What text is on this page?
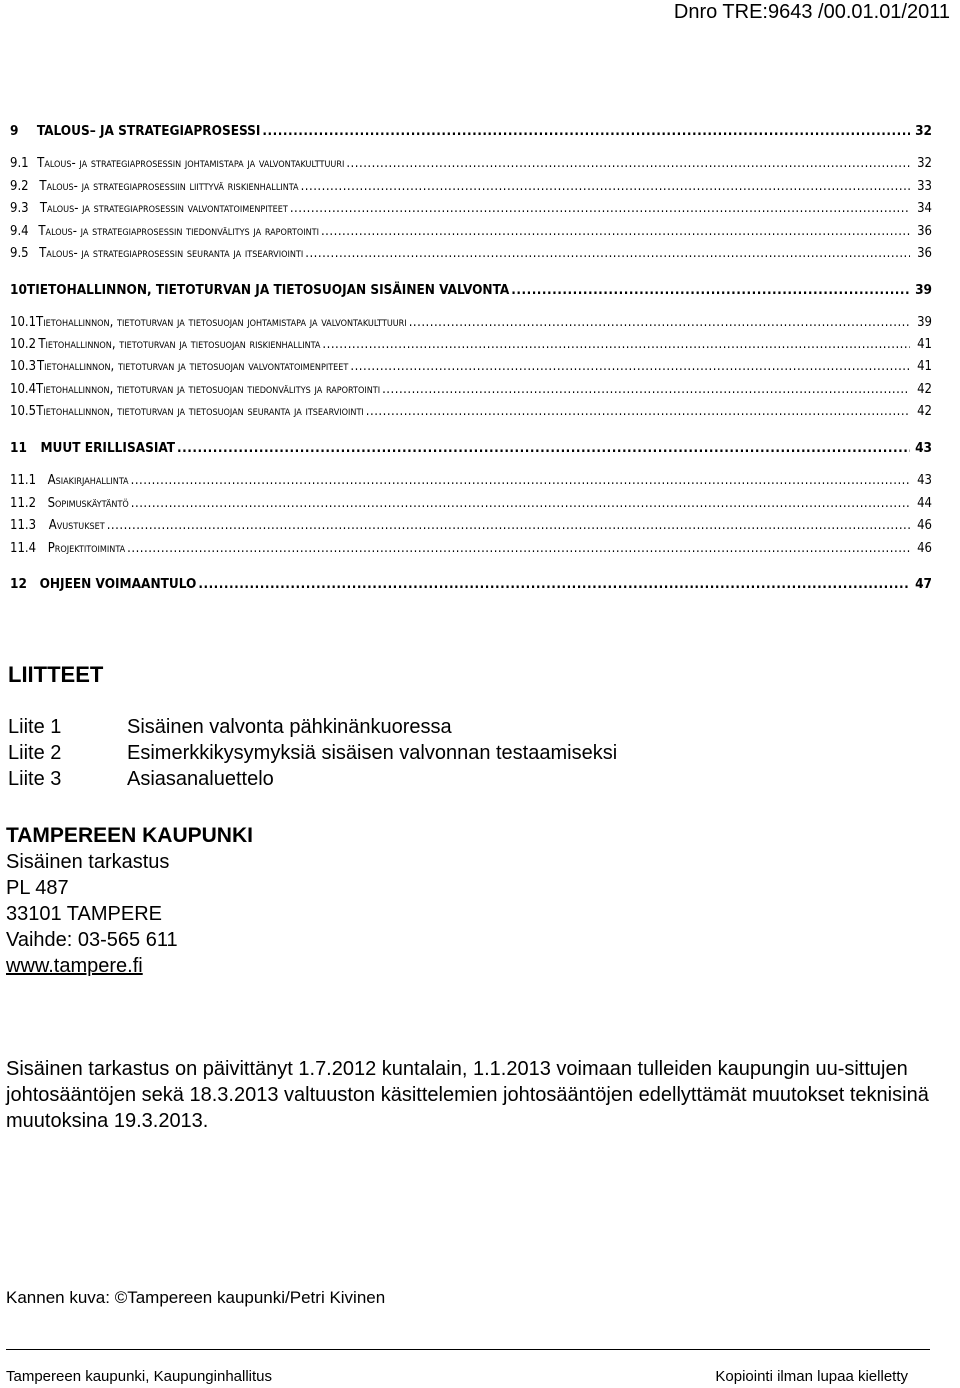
Dnro TRE:9643 /00.01.01/2011
9	TALOUS– JA STRATEGIAPROSESSI .....	32
9.1 Talous- ja strategiaprosessin johtamistapa ja valvontakulttuuri .....	32
9.2 Talous- ja strategiaprosessiin liittyvä riskienhallinta .....	33
9.3 Talous- ja strategiaprosessin valvontatoimenpiteet .....	34
9.4 Talous- ja strategiaprosessin tiedonvälitys ja raportointi .....	36
9.5 Talous- ja strategiaprosessin seuranta ja itsearviointi .....	36
10 TIETOHALLINNON, TIETOTURVAN JA TIETOSUOJAN SISÄINEN VALVONTA .....	39
10.1 Tietohallinnon, tietoturvan ja tietosuojan johtamistapa ja valvontakulttuuri .....	39
10.2 Tietohallinnon, tietoturvan ja tietosuojan riskienhallinta .....	41
10.3 Tietohallinnon, tietoturvan ja tietosuojan valvontatoimenpiteet .....	41
10.4 Tietohallinnon, tietoturvan ja tietosuojan tiedonvälitys ja raportointi .....	42
10.5 Tietohallinnon, tietoturvan ja tietosuojan seuranta ja itsearviointi .....	42
11	MUUT ERILLISASIAT .....	43
11.1 Asiakirjahallinta .....	43
11.2 Sopimuskäytäntö .....	44
11.3 Avustukset .....	46
11.4 Projektitoiminta .....	46
12 OHJEEN VOIMAANTULO .....	47
LIITTEET
Liite 1	Sisäinen valvonta pähkinänkuoressa
Liite 2	Esimerkkikysymyksiä sisäisen valvonnan testaamiseksi
Liite 3	Asiasanaluettelo
TAMPEREEN KAUPUNKI
Sisäinen tarkastus
PL 487
33101 TAMPERE
Vaihde: 03-565 611
www.tampere.fi
Sisäinen tarkastus on päivittänyt 1.7.2012 kuntalain, 1.1.2013 voimaan tulleiden kaupungin uu-sittujen johtosääntöjen sekä 18.3.2013 valtuuston käsittelemien johtosääntöjen edellyttämät muutokset teknisinä muutoksina 19.3.2013.
Kannen kuva: ©Tampereen kaupunki/Petri Kivinen
Tampereen kaupunki, Kaupunginhallitus	Kopiointi ilman lupaa kielletty
